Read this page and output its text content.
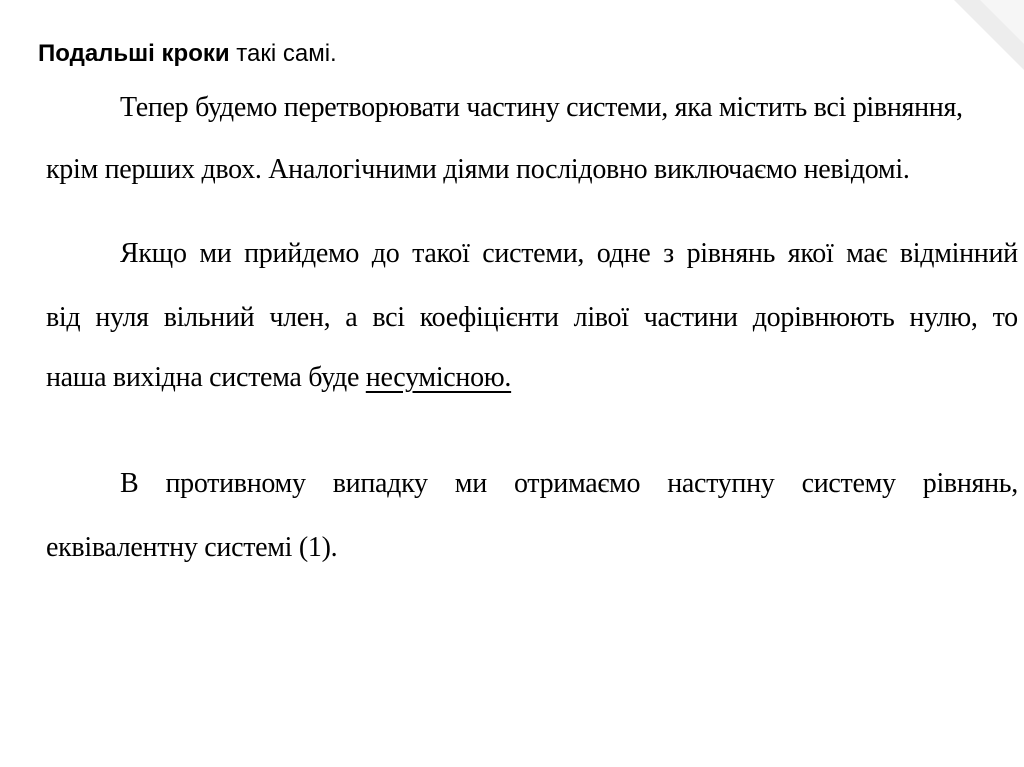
Подальші кроки такі самі.
Тепер будемо перетворювати частину системи, яка містить всі рівняння,
крім перших двох. Аналогічними діями послідовно виключаємо невідомі.
Якщо ми прийдемо до такої системи, одне з рівнянь якої має відмінний
від нуля вільний член, а всі коефіцієнти лівої частини дорівнюють нулю, то
наша вихідна система буде несумісною.
В противному випадку ми отримаємо наступну систему рівнянь,
еквівалентну системі (1).
